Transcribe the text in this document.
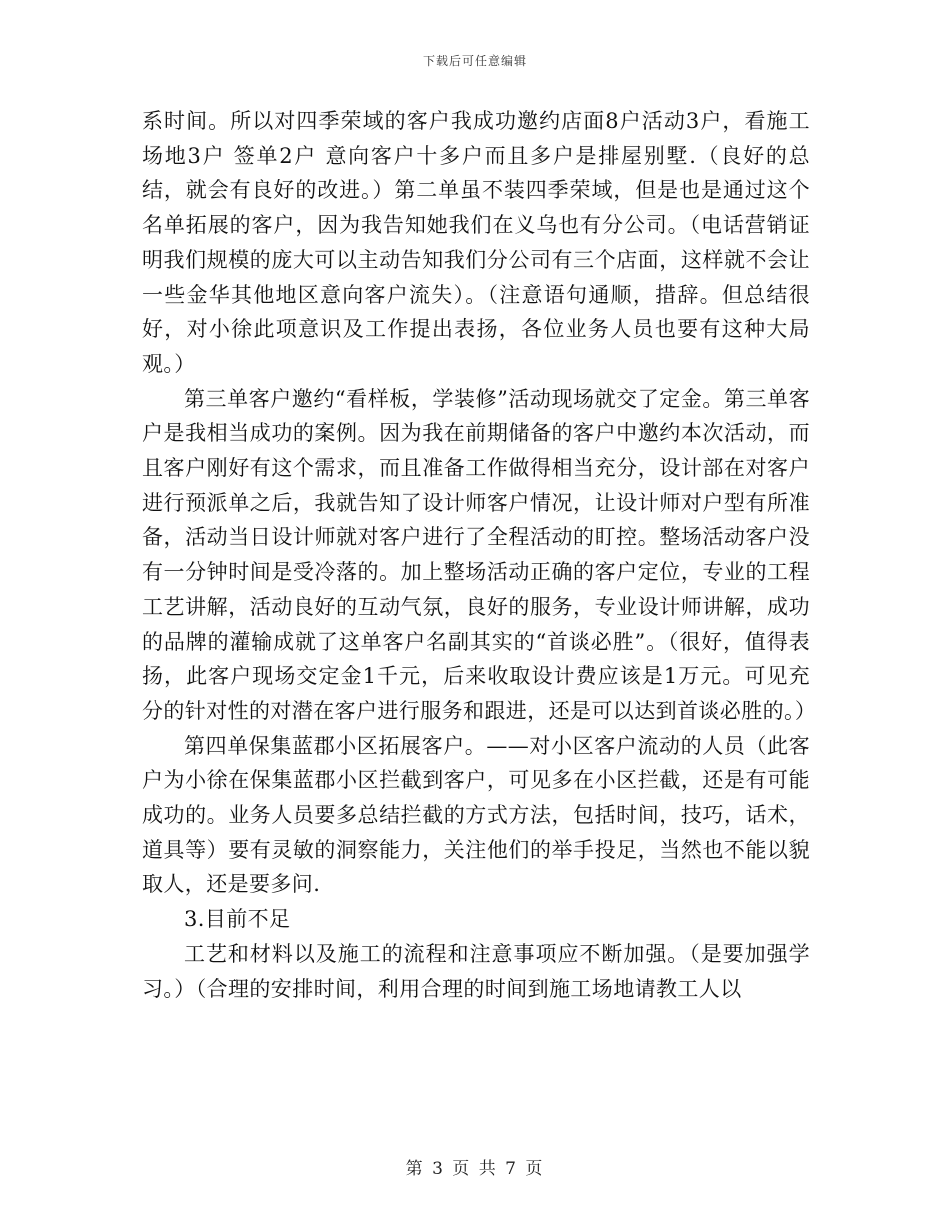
下载后可任意编辑

系时间。所以对四季荣域的客户我成功邀约店面8户活动3户，看施工场地3户 签单2户 意向客户十多户而且多户是排屋别墅.（良好的总结，就会有良好的改进。）第二单虽不装四季荣域，但是也是通过这个名单拓展的客户，因为我告知她我们在义乌也有分公司。（电话营销证明我们规模的庞大可以主动告知我们分公司有三个店面，这样就不会让一些金华其他地区意向客户流失）。（注意语句通顺，措辞。但总结很好，对小徐此项意识及工作提出表扬，各位业务人员也要有这种大局观。）

第三单客户邀约“看样板，学装修”活动现场就交了定金。第三单客户是我相当成功的案例。因为我在前期储备的客户中邀约本次活动，而且客户刚好有这个需求，而且准备工作做得相当充分，设计部在对客户进行预派单之后，我就告知了设计师客户情况，让设计师对户型有所准备，活动当日设计师就对客户进行了全程活动的盯控。整场活动客户没有一分钟时间是受冷落的。加上整场活动正确的客户定位，专业的工程工艺讲解，活动良好的互动气氛，良好的服务，专业设计师讲解，成功的品牌的灌输成就了这单客户名副其实的“首谈必胜”。（很好，值得表扬，此客户现场交定金1千元，后来收取设计费应该是1万元。可见充分的针对性的对潜在客户进行服务和跟进，还是可以达到首谈必胜的。）

第四单保集蓝郡小区拓展客户。——对小区客户流动的人员（此客户为小徐在保集蓝郡小区拦截到客户，可见多在小区拦截，还是有可能成功的。业务人员要多总结拦截的方式方法，包括时间，技巧，话术，道具等）要有灵敏的洞察能力，关注他们的举手投足，当然也不能以貌取人，还是要多问.

3.目前不足

工艺和材料以及施工的流程和注意事项应不断加强。（是要加强学习。）（合理的安排时间，利用合理的时间到施工场地请教工人以

第 3 页 共 7 页
